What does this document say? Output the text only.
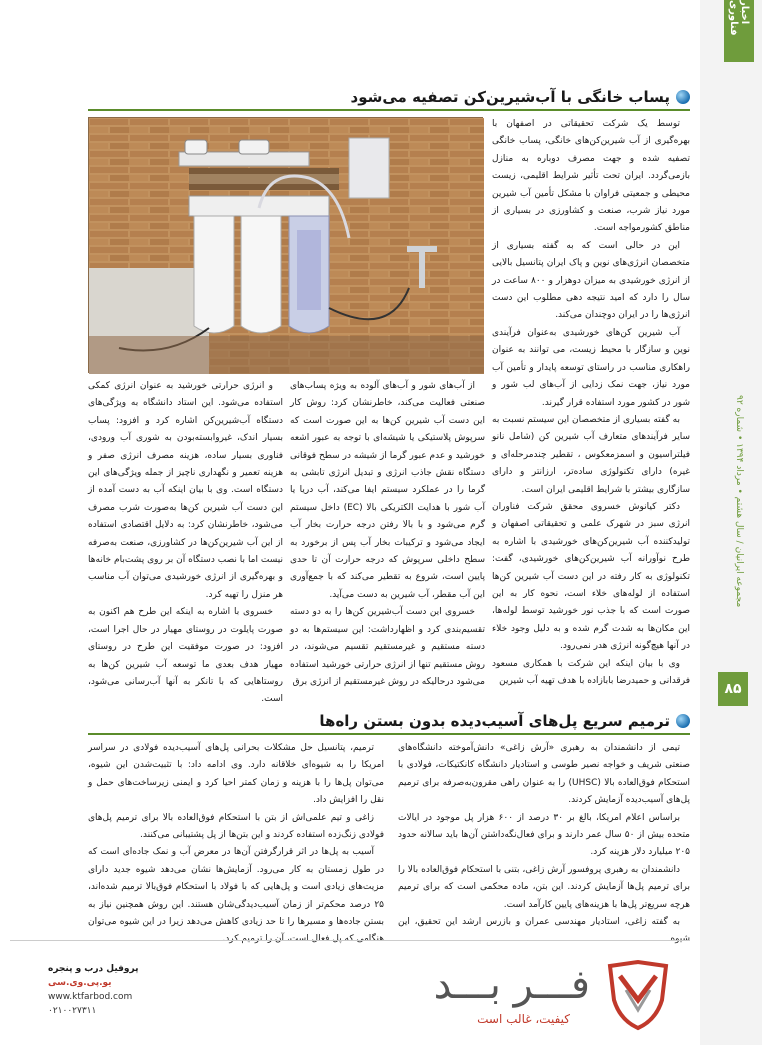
اخبار فناوری
مجموعه ایرانیان / سال هشتم • مرداد ۱۳۹۴ • شماره ۹۲
۸۵
پساب خانگی با آب‌شیرین‌کن تصفیه می‌شود

توسط یک شرکت تحقیقاتی در اصفهان با بهره‌گیری از آب شیرین‌کن‌های خانگی، پساب خانگی تصفیه شده و جهت مصرف دوباره به منازل بازمی‌گردد. ایران تحت تأثیر شرایط اقلیمی، زیست محیطی و جمعیتی فراوان با مشکل تأمین آب شیرین مورد نیاز شرب، صنعت و کشاورزی در بسیاری از مناطق کشورمواجه است.

این در حالی است که به گفته بسیاری از متخصصان انرژی‌های نوین و پاک ایران پتانسیل بالایی از انرژی خورشیدی به میزان دوهزار و ۸۰۰ ساعت در سال را دارد که امید نتیجه دهی مطلوب این دست انرژی‌ها را در ایران دوچندان می‌کند.

آب شیرین کن‌های خورشیدی به‌عنوان فرآیندی نوین و سازگار با محیط زیست، می توانند به عنوان راهکاری مناسب در راستای توسعه پایدار و تأمین آب مورد نیاز، جهت نمک زدایی از آب‌های لب شور و شور در کشور مورد استفاده قرار گیرند.

به گفته بسیاری از متخصصان این سیستم نسبت به سایر فرآیندهای متعارف آب شیرین کن (شامل نانو فیلتراسیون و اسمزمعکوس ، تقطیر چندمرحله‌ای و غیره) دارای تکنولوژی ساده‌تر، ارزانتر و دارای سازگاری بیشتر با شرایط اقلیمی ایران است.

دکتر کیانوش خسروی محقق شرکت فناوران انرژی سبز در شهرک علمی و تحقیقاتی اصفهان و تولیدکننده آب شیرین‌کن‌های خورشیدی با اشاره به طرح نوآورانه آب شیرین‌کن‌های خورشیدی، گفت: تکنولوژی به کار رفته در این دست آب شیرین کن‌ها استفاده از لوله‌های خلاء است، نحوه کار به این صورت است که با جذب نور خورشید توسط لوله‌ها، این مکان‌ها به شدت گرم شده و به دلیل وجود خلاء در آنها هیچ‌گونه انرژی هدر نمی‌رود.

وی با بیان اینکه این شرکت با همکاری مسعود فرقدانی و حمیدرضا بابازاده با هدف تهیه آب شیرین

از آب‌های شور و آب‌های آلوده به ویژه پساب‌های صنعتی فعالیت می‌کند، خاطرنشان کرد: روش کار این دست آب شیرین کن‌ها به این صورت است که سرپوش پلاستیکی یا شیشه‌ای با توجه به عبور اشعه خورشید و عدم عبور گرما از شیشه در سطح فوقانی دستگاه نقش جاذب انرژی و تبدیل انرژی تابشی به گرما را در عملکرد سیستم ایفا می‌کند، آب دریا یا آب شور با هدایت الکتریکی بالا (EC) داخل سیستم گرم می‌شود و با بالا رفتن درجه حرارت بخار آب ایجاد می‌شود و ترکیبات بخار آب پس از برخورد به سطح داخلی سرپوش که درجه حرارت آن تا حدی پایین است، شروع به تقطیر می‌کند که با جمع‌آوری این آب مقطر، آب شیرین به دست می‌آید.

خسروی این دست آب‌شیرین کن‌ها را به دو دسته تقسیم‌بندی کرد و اظهارداشت: این سیستم‌ها به دو دسته مستقیم و غیرمستقیم تقسیم می‌شوند، در روش مستقیم تنها از انرژی حرارتی خورشید استفاده می‌شود درحالیکه در روش غیرمستقیم از انرژی برق

و انرژی حرارتی خورشید به عنوان انرژی کمکی استفاده می‌شود. این استاد دانشگاه به ویژگی‌های دستگاه آب‌شیرین‌کن اشاره کرد و افزود: پساب بسیار اندک، غیروابسته‌بودن به شوری آب ورودی، فناوری بسیار ساده، هزینه مصرف انرژی صفر و هزینه تعمیر و نگهداری ناچیز از جمله ویژگی‌های این دستگاه است. وی با بیان اینکه آب به دست آمده از این دست آب شیرین کن‌ها به‌صورت شرب مصرف می‌شود، خاطرنشان کرد: به دلایل اقتصادی استفاده از این آب شیرین‌کن‌ها در کشاورزی، صنعت به‌صرفه نیست اما با نصب دستگاه آن بر روی پشت‌بام خانه‌ها و بهره‌گیری از انرژی خورشیدی می‌توان آب مناسب هر منزل را تهیه کرد.

خسروی با اشاره به اینکه این طرح هم اکنون به صورت پایلوت در روستای مهیار در حال اجرا است، افزود: در صورت موفقیت این طرح در روستای مهیار هدف بعدی ما توسعه آب شیرین کن‌ها به روستاهایی که با تانکر به آنها آب‌رسانی می‌شود، است.

ترمیم سریع پل‌های آسیب‌دیده بدون بستن راه‌ها

تیمی از دانشمندان به رهبری «آرش زاغی» دانش‌آموخته دانشگاه‌های صنعتی شریف و خواجه نصیر طوسی و استادیار دانشگاه کانکتیکات، فولادی با استحکام فوق‌العاده بالا (UHSC) را به عنوان راهی مقرون‌به‌صرفه برای ترمیم پل‌های آسیب‌دیده آزمایش کردند.

براساس اعلام امریکا، بالغ بر ۳۰ درصد از ۶۰۰ هزار پل موجود در ایالات متحده بیش از ۵۰ سال عمر دارند و برای فعال‌نگه‌داشتن آن‌ها باید سالانه حدود ۲۰۵ میلیارد دلار هزینه کرد.

دانشمندان به رهبری پروفسور آرش زاغی، بتنی با استحکام فوق‌العاده بالا را برای ترمیم پل‌ها آزمایش کردند. این بتن، ماده محکمی است که برای ترمیم هرچه سریع‌تر پل‌ها با هزینه‌های پایین کارآمد است.

به گفته زاغی، استادیار مهندسی عمران و بازرس ارشد این تحقیق، این

ترمیم، پتانسیل حل مشکلات بحرانی پل‌های آسیب‌دیده فولادی در سراسر امریکا را به شیوه‌ای خلاقانه دارد. وی ادامه داد: با تثبیت‌شدن این شیوه، می‌توان پل‌ها را با هزینه و زمان کمتر احیا کرد و ایمنی زیرساخت‌های حمل و نقل را افزایش داد.

زاغی و تیم علمی‌اش از بتن با استحکام فوق‌العاده بالا برای ترمیم پل‌های فولادی زنگ‌زده استفاده کردند و این بتن‌ها از پل پشتیبانی می‌کنند.

آسیب به پل‌ها در اثر قرارگرفتن آن‌ها در معرض آب و نمک جاده‌ای است که در طول زمستان به کار می‌رود. آزمایش‌ها نشان می‌دهد شیوه جدید دارای مزیت‌های زیادی است و پل‌هایی که با فولاد با استحکام فوق‌بالا ترمیم شده‌اند، ۲۵ درصد محکم‌تر از زمان آسیب‌دیدگی‌شان هستند. این روش همچنین نیاز به بستن جاده‌ها و مسیرها را تا حد زیادی کاهش می‌دهد زیرا در این شیوه می‌توان

فـــر بـــد
کیفیت، غالب است
پروفیل درب و پنجره
یو.پی.وی.سی
www.ktfarbod.com
۰۲۱۰۰۲۷۳۱۱
